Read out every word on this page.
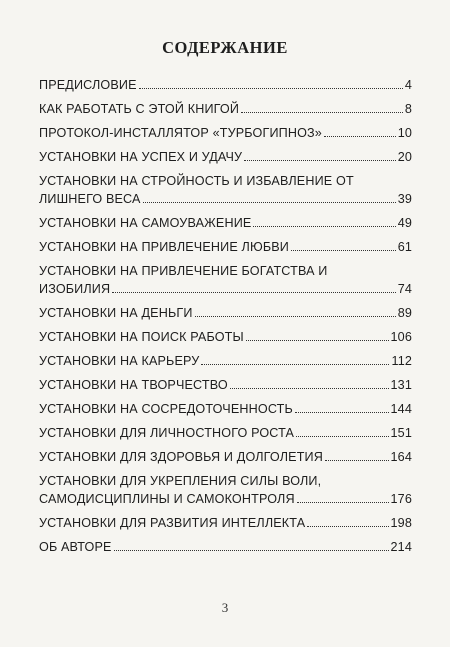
СОДЕРЖАНИЕ
ПРЕДИСЛОВИЕ	4
КАК РАБОТАТЬ С ЭТОЙ КНИГОЙ	8
ПРОТОКОЛ-ИНСТАЛЛЯТОР «ТУРБОГИПНОЗ»	10
УСТАНОВКИ НА УСПЕХ И УДАЧУ	20
УСТАНОВКИ НА СТРОЙНОСТЬ И ИЗБАВЛЕНИЕ ОТ
ЛИШНЕГО ВЕСА	39
УСТАНОВКИ НА САМОУВАЖЕНИЕ	49
УСТАНОВКИ НА ПРИВЛЕЧЕНИЕ ЛЮБВИ	61
УСТАНОВКИ НА ПРИВЛЕЧЕНИЕ БОГАТСТВА И
ИЗОБИЛИЯ	74
УСТАНОВКИ НА ДЕНЬГИ	89
УСТАНОВКИ НА ПОИСК РАБОТЫ	106
УСТАНОВКИ НА КАРЬЕРУ	112
УСТАНОВКИ НА ТВОРЧЕСТВО	131
УСТАНОВКИ НА СОСРЕДОТОЧЕННОСТЬ	144
УСТАНОВКИ ДЛЯ ЛИЧНОСТНОГО РОСТА	151
УСТАНОВКИ ДЛЯ ЗДОРОВЬЯ И ДОЛГОЛЕТИЯ	164
УСТАНОВКИ ДЛЯ УКРЕПЛЕНИЯ СИЛЫ ВОЛИ,
САМОДИСЦИПЛИНЫ И САМОКОНТРОЛЯ	176
УСТАНОВКИ ДЛЯ РАЗВИТИЯ ИНТЕЛЛЕКТА	198
ОБ АВТОРЕ	214
3
